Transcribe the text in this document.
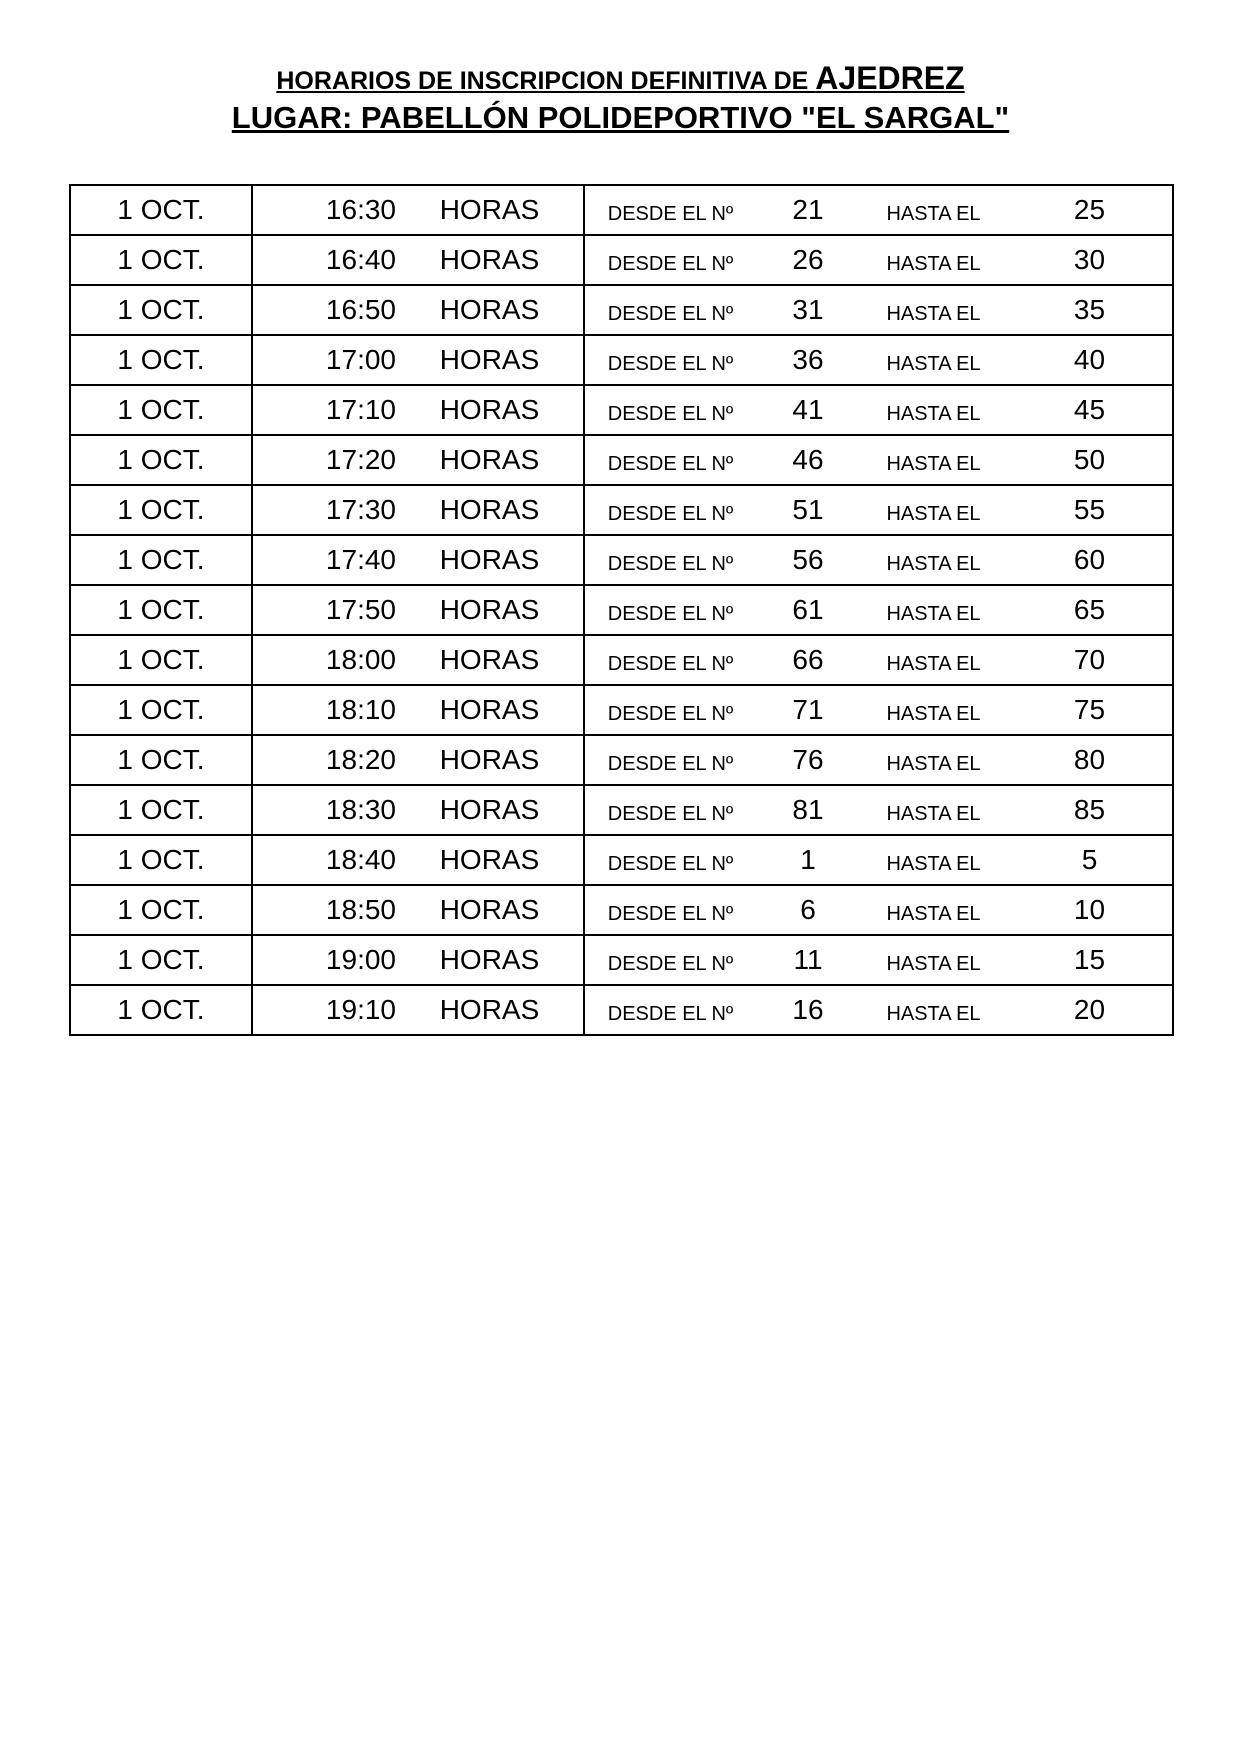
HORARIOS DE INSCRIPCION DEFINITIVA DE AJEDREZ
LUGAR: PABELLÓN POLIDEPORTIVO "EL SARGAL"
1 OCT.	16:30	HORAS	DESDE EL Nº	21	HASTA EL	25
1 OCT.	16:40	HORAS	DESDE EL Nº	26	HASTA EL	30
1 OCT.	16:50	HORAS	DESDE EL Nº	31	HASTA EL	35
1 OCT.	17:00	HORAS	DESDE EL Nº	36	HASTA EL	40
1 OCT.	17:10	HORAS	DESDE EL Nº	41	HASTA EL	45
1 OCT.	17:20	HORAS	DESDE EL Nº	46	HASTA EL	50
1 OCT.	17:30	HORAS	DESDE EL Nº	51	HASTA EL	55
1 OCT.	17:40	HORAS	DESDE EL Nº	56	HASTA EL	60
1 OCT.	17:50	HORAS	DESDE EL Nº	61	HASTA EL	65
1 OCT.	18:00	HORAS	DESDE EL Nº	66	HASTA EL	70
1 OCT.	18:10	HORAS	DESDE EL Nº	71	HASTA EL	75
1 OCT.	18:20	HORAS	DESDE EL Nº	76	HASTA EL	80
1 OCT.	18:30	HORAS	DESDE EL Nº	81	HASTA EL	85
1 OCT.	18:40	HORAS	DESDE EL Nº	1	HASTA EL	5
1 OCT.	18:50	HORAS	DESDE EL Nº	6	HASTA EL	10
1 OCT.	19:00	HORAS	DESDE EL Nº	11	HASTA EL	15
1 OCT.	19:10	HORAS	DESDE EL Nº	16	HASTA EL	20
